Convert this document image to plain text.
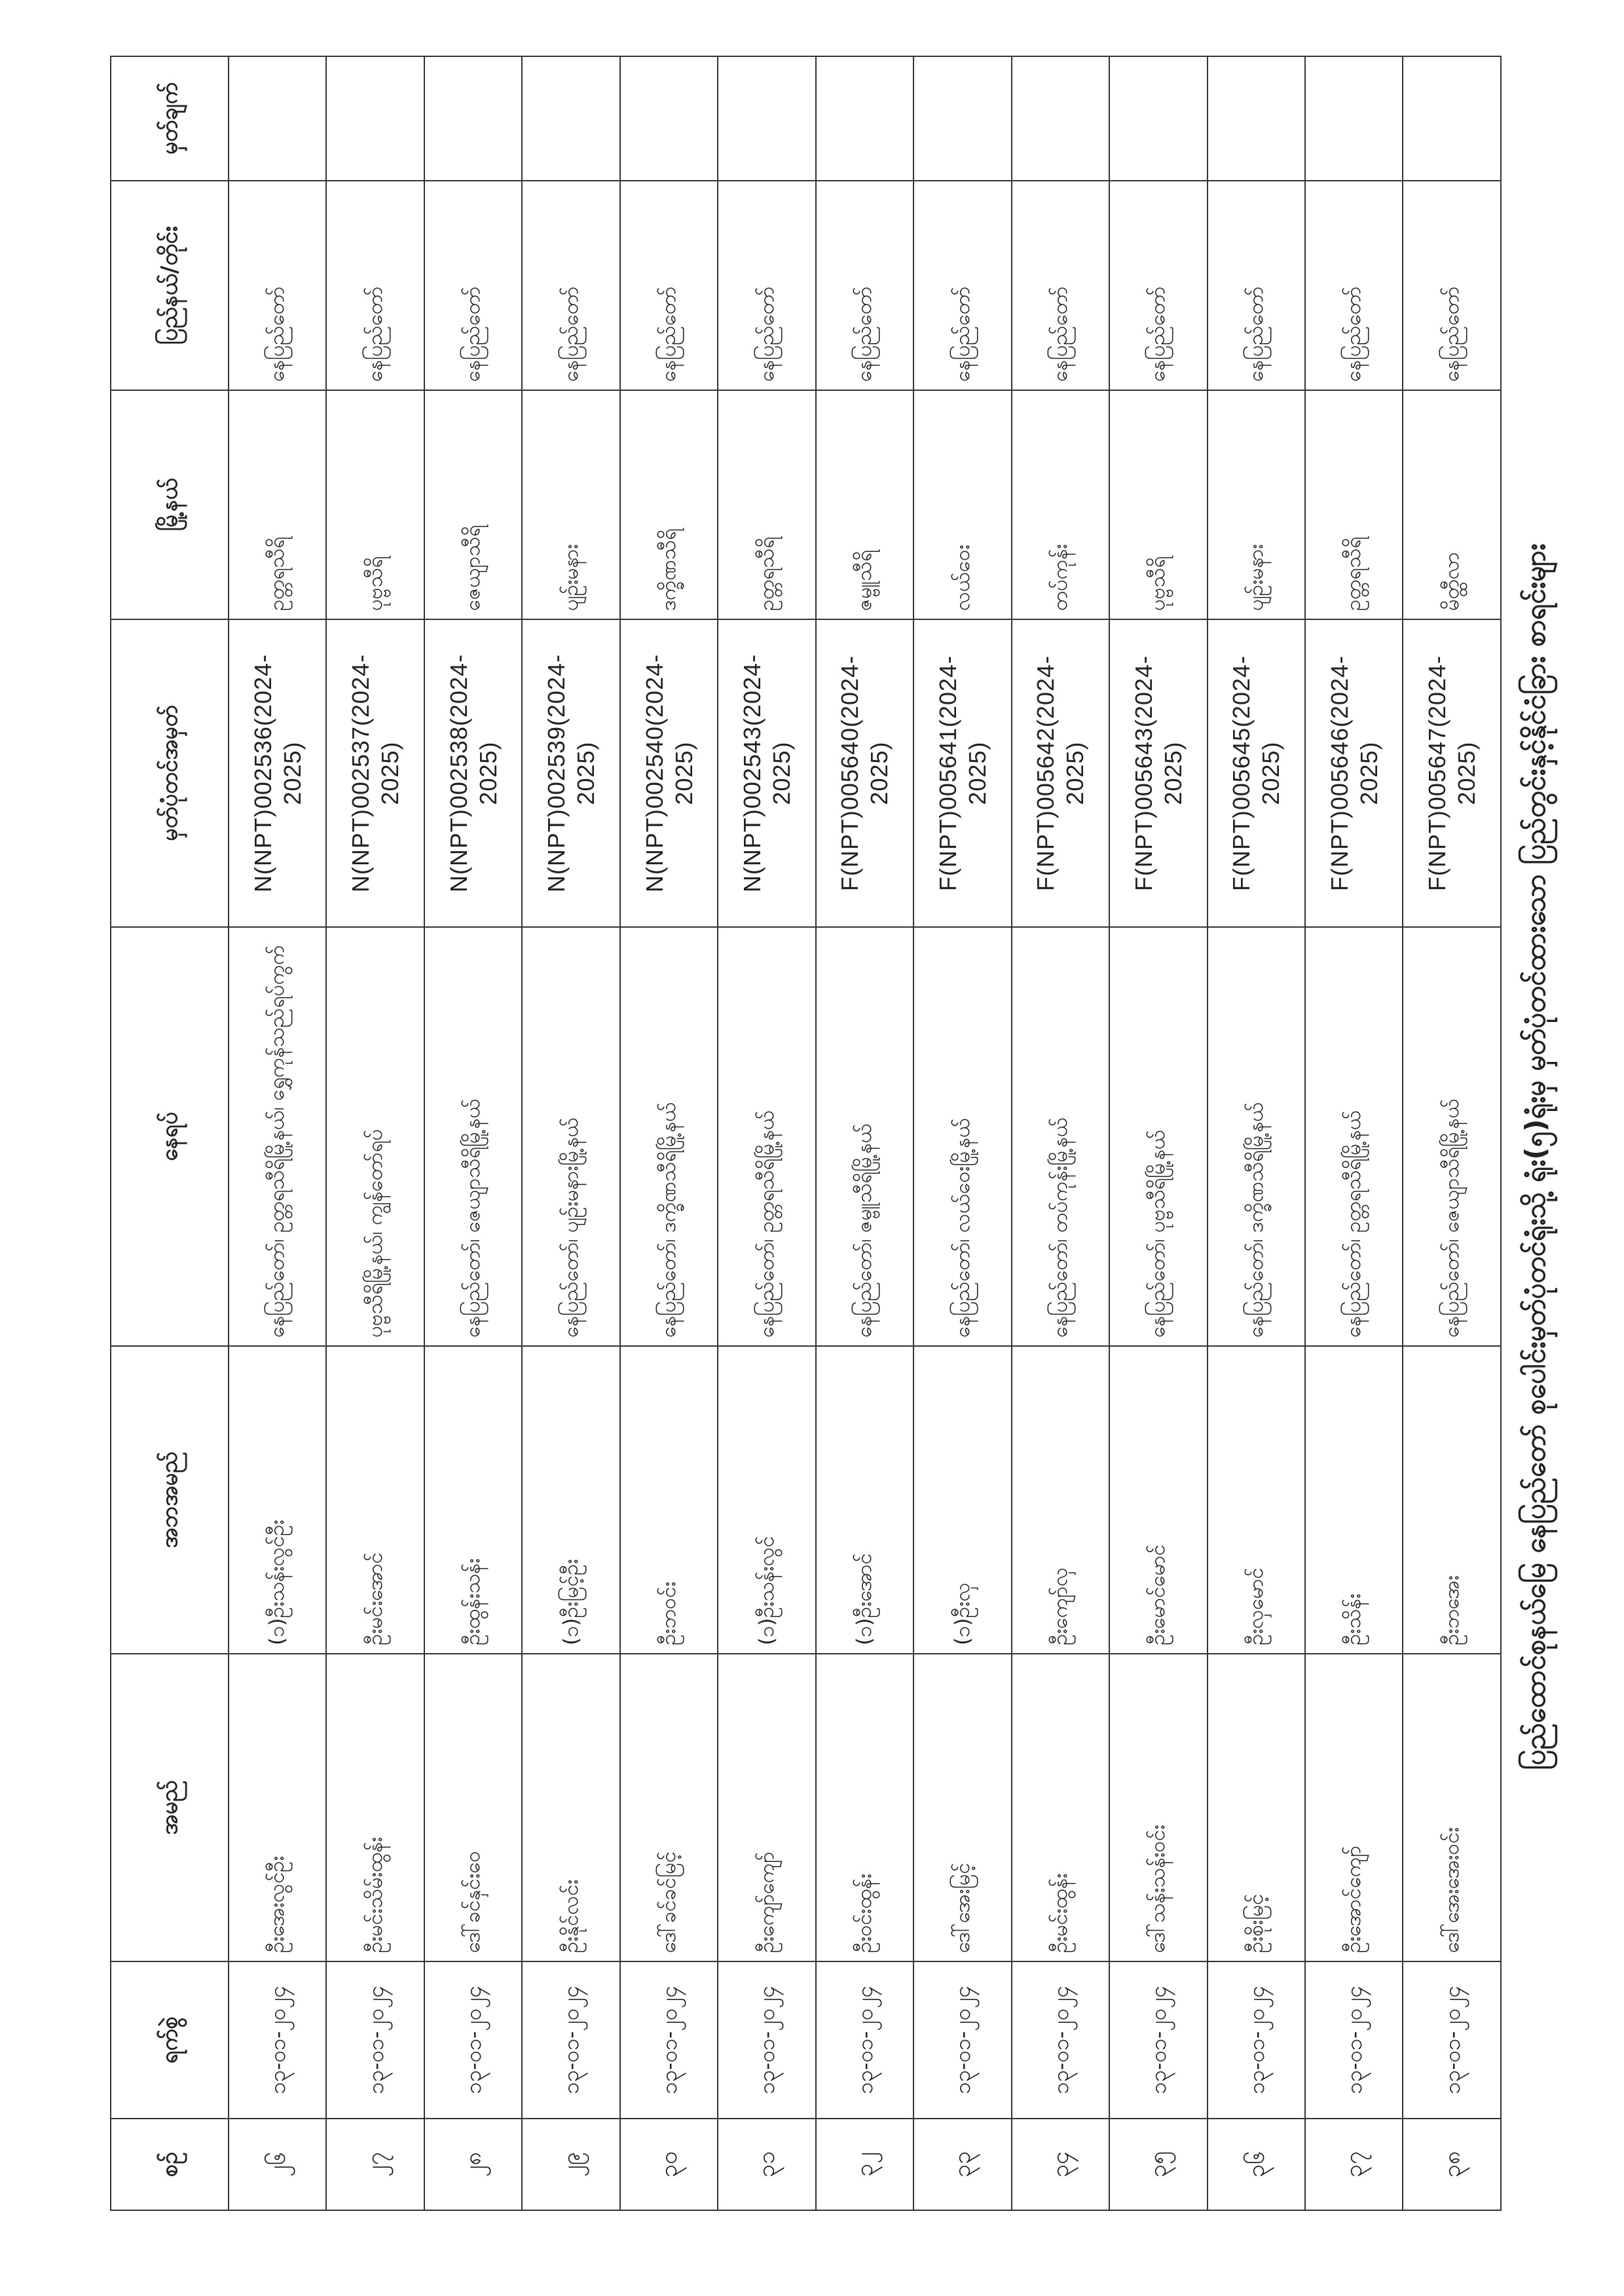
ပြည်ထောင်စုနယ်မြေ နေပြည်တော် စုပေါင်းမှတ်ပုံတင်ရုံးသို့ ရုံး(၅)ရုံးမှ မှတ်ပုံတင်ထားသော ပြည်တွင်းနှင့်နိုင်ငံခြား စာရင်းများ
စဉ်	ရက်စွဲ	အမည်	အဘအမည်	နေရပ်	မှတ်ပုံတင်အမှတ်	မြို့နယ်	ပြည်နယ်/တိုင်း	မှတ်ချက်
၂၆	၁၃-၀၁-၂၀၂၄	ဦးအေးလွင်ဦး	(၁)ဦးသန်းလွင်ဦး	နေပြည်တော်၊ ဥတ္တရသီရိမြို့နယ်၊ ရွှေကုန်သည်ရပ်ကွက်	N(NPT)002536(2024-2025)	ဥတ္တရသီရိ	နေပြည်တော်	
၂၇	၁၃-၀၁-၂၀၂၄	ဦးမင်းသိမ်းထွန်း	ဦးမင်းအောင်	ပုဗ္ဗသီရိမြို့နယ်၊ ကျွန်တော်ရပ်	N(NPT)002537(2024-2025)	ပုဗ္ဗသီရိ	နေပြည်တော်	
၂၈	၁၃-၀၁-၂၀၂၄	ဒေါ်ခင်နှင်းဝေ	ဦးထွန်းသန်း	နေပြည်တော်၊ ဇေယျာသီရိမြို့နယ်	N(NPT)002538(2024-2025)	ဇေယျာသီရိ	နေပြည်တော်	
၂၉	၁၃-၀၁-၂၀၂၄	ဦးနိုင်လင်း	(၁)ဦးမြင့်ဦး	နေပြည်တော်၊ ပျဉ်းမနားမြို့နယ်	N(NPT)002539(2024-2025)	ပျဉ်းမနား	နေပြည်တော်	
၃၀	၁၃-၀၁-၂၀၂၄	ဒေါ်ခင်ခင်မြင့်	ဦးဘဝင်း	နေပြည်တော်၊ ဒက္ခိဏသီရိမြို့နယ်	N(NPT)002540(2024-2025)	ဒက္ခိဏသီရိ	နေပြည်တော်	
၃၁	၁၃-၀၁-၂၀၂၄	ဦးကျော်ကျော်	(၁)ဦးသန်းလွင်	နေပြည်တော်၊ ဥတ္တရသီရိမြို့နယ်	N(NPT)002543(2024-2025)	ဥတ္တရသီရိ	နေပြည်တော်	
၃၂	၁၃-၀၁-၂၀၂၄	ဦးဝင်းထွန်း	(၁)ဦးအောင်	နေပြည်တော်၊ ဇမ္ဗူသီရိမြို့နယ်	F(NPT)005640(2024-2025)	ဇမ္ဗူသီရိ	နေပြည်တော်	
၃၃	၁၃-၀၁-၂၀၂၄	ဒေါ်အေးမြင့်	(၁)ဦးလှ	နေပြည်တော်၊ လယ်ဝေးမြို့နယ်	F(NPT)005641(2024-2025)	လယ်ဝေး	နေပြည်တော်	
၃၄	၁၃-၀၁-၂၀၂၄	ဦးမင်းထွန်း	ဦးကျော်လှ	နေပြည်တော်၊ တပ်ကုန်းမြို့နယ်	F(NPT)005642(2024-2025)	တပ်ကုန်း	နေပြည်တော်	
၃၅	၁၃-၀၁-၂၀၂၄	ဒေါ်သန်းသန်းဝင်း	ဦးမောင်မောင်	နေပြည်တော်၊ ပုဗ္ဗသီရိမြို့နယ်	F(NPT)005643(2024-2025)	ပုဗ္ဗသီရိ	နေပြည်တော်	
၃၆	၁၃-၀၁-၂၀၂၄	ဦးစိုးမြင့်	ဦးလှမောင်	နေပြည်တော်၊ ဒက္ခိဏသီရိမြို့နယ်	F(NPT)005645(2024-2025)	ပျဉ်းမနား	နေပြည်တော်	
၃၇	၁၃-၀၁-၂၀၂၄	ဦးအောင်ကျော်	ဦးသိန်း	နေပြည်တော်၊ ဥတ္တရသီရိမြို့နယ်	F(NPT)005646(2024-2025)	ဥတ္တရသီရိ	နေပြည်တော်	
၃၈	၁၃-၀၁-၂၀၂၄	ဒေါ်အေးအေးဝင်း	ဦးဘအေး	နေပြည်တော်၊ ဇေယျာသီရိမြို့နယ်	F(NPT)005647(2024-2025)	မိတ္ထီလာ	နေပြည်တော်	
